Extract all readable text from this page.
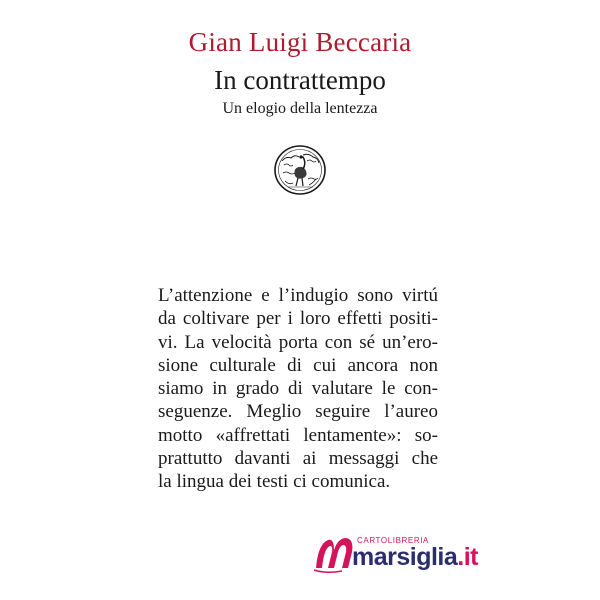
Gian Luigi Beccaria
In contrattempo
Un elogio della lentezza
L’attenzione e l’indugio sono virtú
da coltivare per i loro effetti positi-
vi. La velocità porta con sé un’ero-
sione culturale di cui ancora non
siamo in grado di valutare le con-
seguenze. Meglio seguire l’aureo
motto «affrettati lentamente»: so-
prattutto davanti ai messaggi che
la lingua dei testi ci comunica.
CARTOLIBRERIA
marsiglia.it
